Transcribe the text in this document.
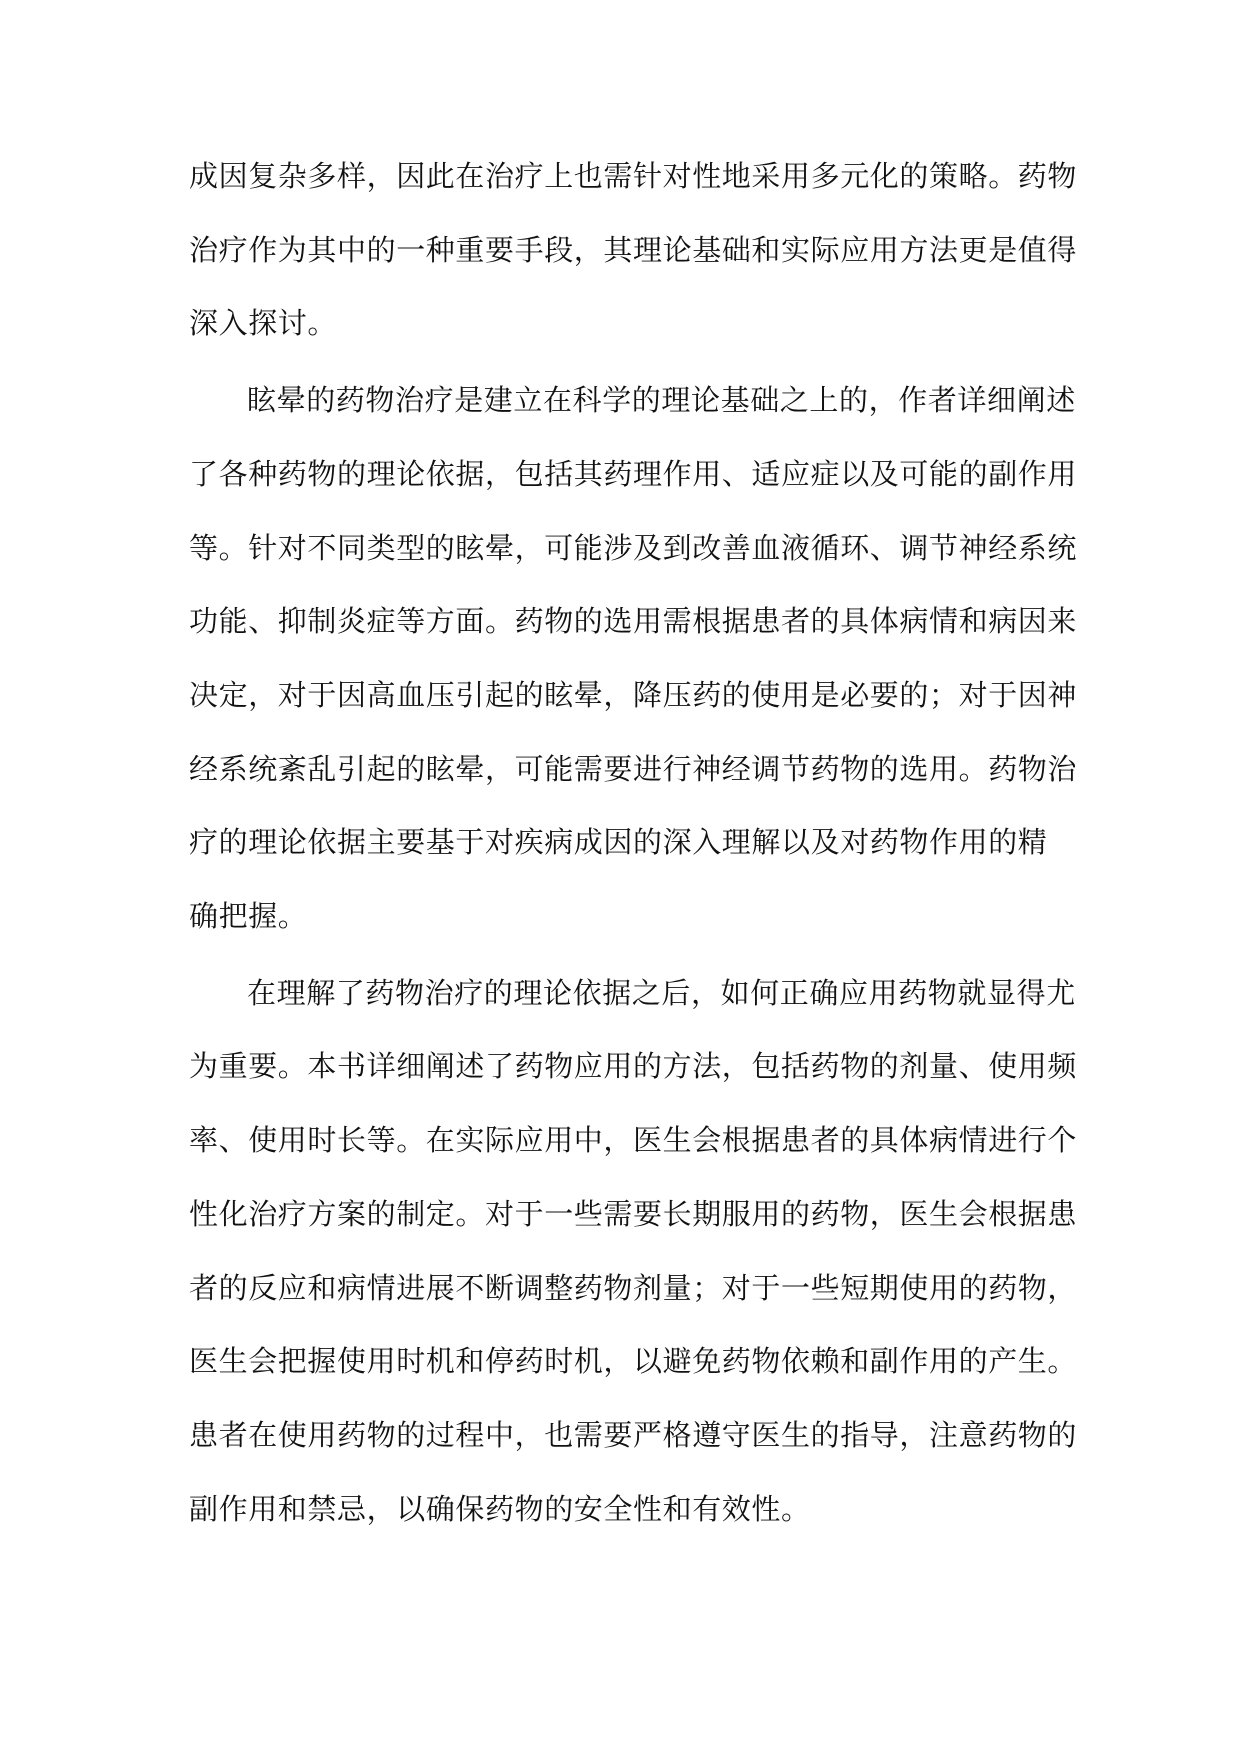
成因复杂多样，因此在治疗上也需针对性地采用多元化的策略。药物
治疗作为其中的一种重要手段，其理论基础和实际应用方法更是值得
深入探讨。
眩晕的药物治疗是建立在科学的理论基础之上的，作者详细阐述
了各种药物的理论依据，包括其药理作用、适应症以及可能的副作用
等。针对不同类型的眩晕，可能涉及到改善血液循环、调节神经系统
功能、抑制炎症等方面。药物的选用需根据患者的具体病情和病因来
决定，对于因高血压引起的眩晕，降压药的使用是必要的；对于因神
经系统紊乱引起的眩晕，可能需要进行神经调节药物的选用。药物治
疗的理论依据主要基于对疾病成因的深入理解以及对药物作用的精
确把握。
在理解了药物治疗的理论依据之后，如何正确应用药物就显得尤
为重要。本书详细阐述了药物应用的方法，包括药物的剂量、使用频
率、使用时长等。在实际应用中，医生会根据患者的具体病情进行个
性化治疗方案的制定。对于一些需要长期服用的药物，医生会根据患
者的反应和病情进展不断调整药物剂量；对于一些短期使用的药物，
医生会把握使用时机和停药时机，以避免药物依赖和副作用的产生。
患者在使用药物的过程中，也需要严格遵守医生的指导，注意药物的
副作用和禁忌，以确保药物的安全性和有效性。
